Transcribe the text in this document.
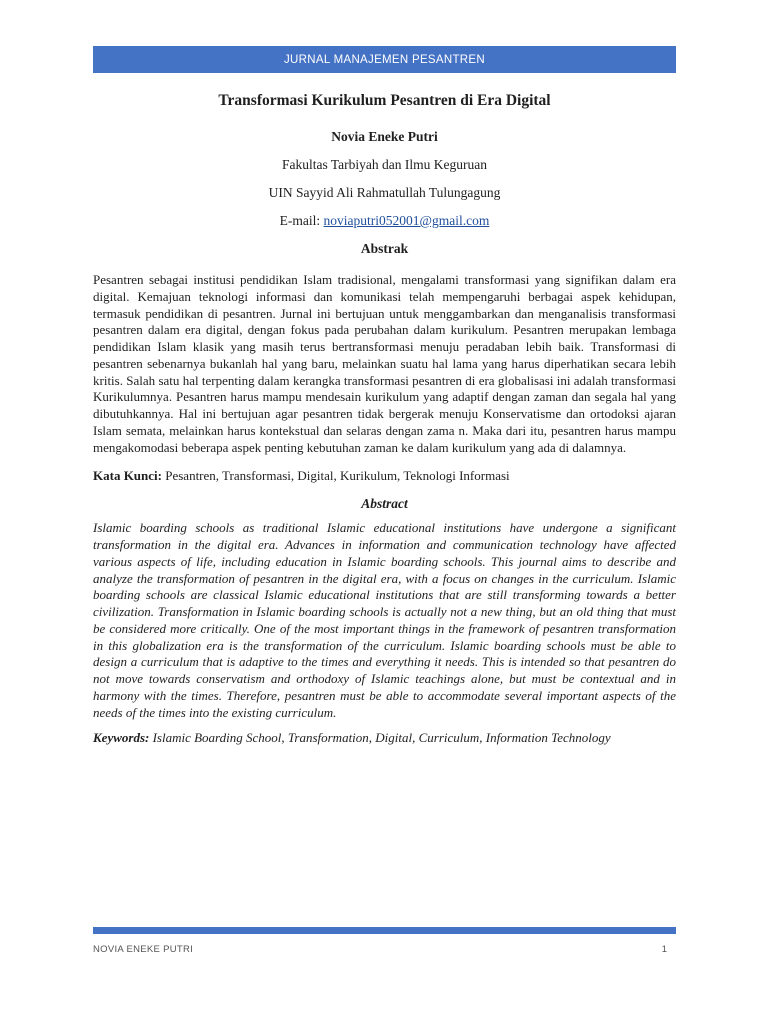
JURNAL MANAJEMEN PESANTREN
Transformasi Kurikulum Pesantren di Era Digital
Novia Eneke Putri
Fakultas Tarbiyah dan Ilmu Keguruan
UIN Sayyid Ali Rahmatullah Tulungagung
E-mail: noviaputri052001@gmail.com
Abstrak
Pesantren sebagai institusi pendidikan Islam tradisional, mengalami transformasi yang signifikan dalam era digital. Kemajuan teknologi informasi dan komunikasi telah mempengaruhi berbagai aspek kehidupan, termasuk pendidikan di pesantren. Jurnal ini bertujuan untuk menggambarkan dan menganalisis transformasi pesantren dalam era digital, dengan fokus pada perubahan dalam kurikulum. Pesantren merupakan lembaga pendidikan Islam klasik yang masih terus bertransformasi menuju peradaban lebih baik. Transformasi di pesantren sebenarnya bukanlah hal yang baru, melainkan suatu hal lama yang harus diperhatikan secara lebih kritis. Salah satu hal terpenting dalam kerangka transformasi pesantren di era globalisasi ini adalah transformasi Kurikulumnya. Pesantren harus mampu mendesain kurikulum yang adaptif dengan zaman dan segala hal yang dibutuhkannya. Hal ini bertujuan agar pesantren tidak bergerak menuju Konservatisme dan ortodoksi ajaran Islam semata, melainkan harus kontekstual dan selaras dengan zama n. Maka dari itu, pesantren harus mampu mengakomodasi beberapa aspek penting kebutuhan zaman ke dalam kurikulum yang ada di dalamnya.
Kata Kunci: Pesantren, Transformasi, Digital, Kurikulum, Teknologi Informasi
Abstract
Islamic boarding schools as traditional Islamic educational institutions have undergone a significant transformation in the digital era. Advances in information and communication technology have affected various aspects of life, including education in Islamic boarding schools. This journal aims to describe and analyze the transformation of pesantren in the digital era, with a focus on changes in the curriculum. Islamic boarding schools are classical Islamic educational institutions that are still transforming towards a better civilization. Transformation in Islamic boarding schools is actually not a new thing, but an old thing that must be considered more critically. One of the most important things in the framework of pesantren transformation in this globalization era is the transformation of the curriculum. Islamic boarding schools must be able to design a curriculum that is adaptive to the times and everything it needs. This is intended so that pesantren do not move towards conservatism and orthodoxy of Islamic teachings alone, but must be contextual and in harmony with the times. Therefore, pesantren must be able to accommodate several important aspects of the needs of the times into the existing curriculum.
Keywords: Islamic Boarding School, Transformation, Digital, Curriculum, Information Technology
NOVIA ENEKE PUTRI	1
